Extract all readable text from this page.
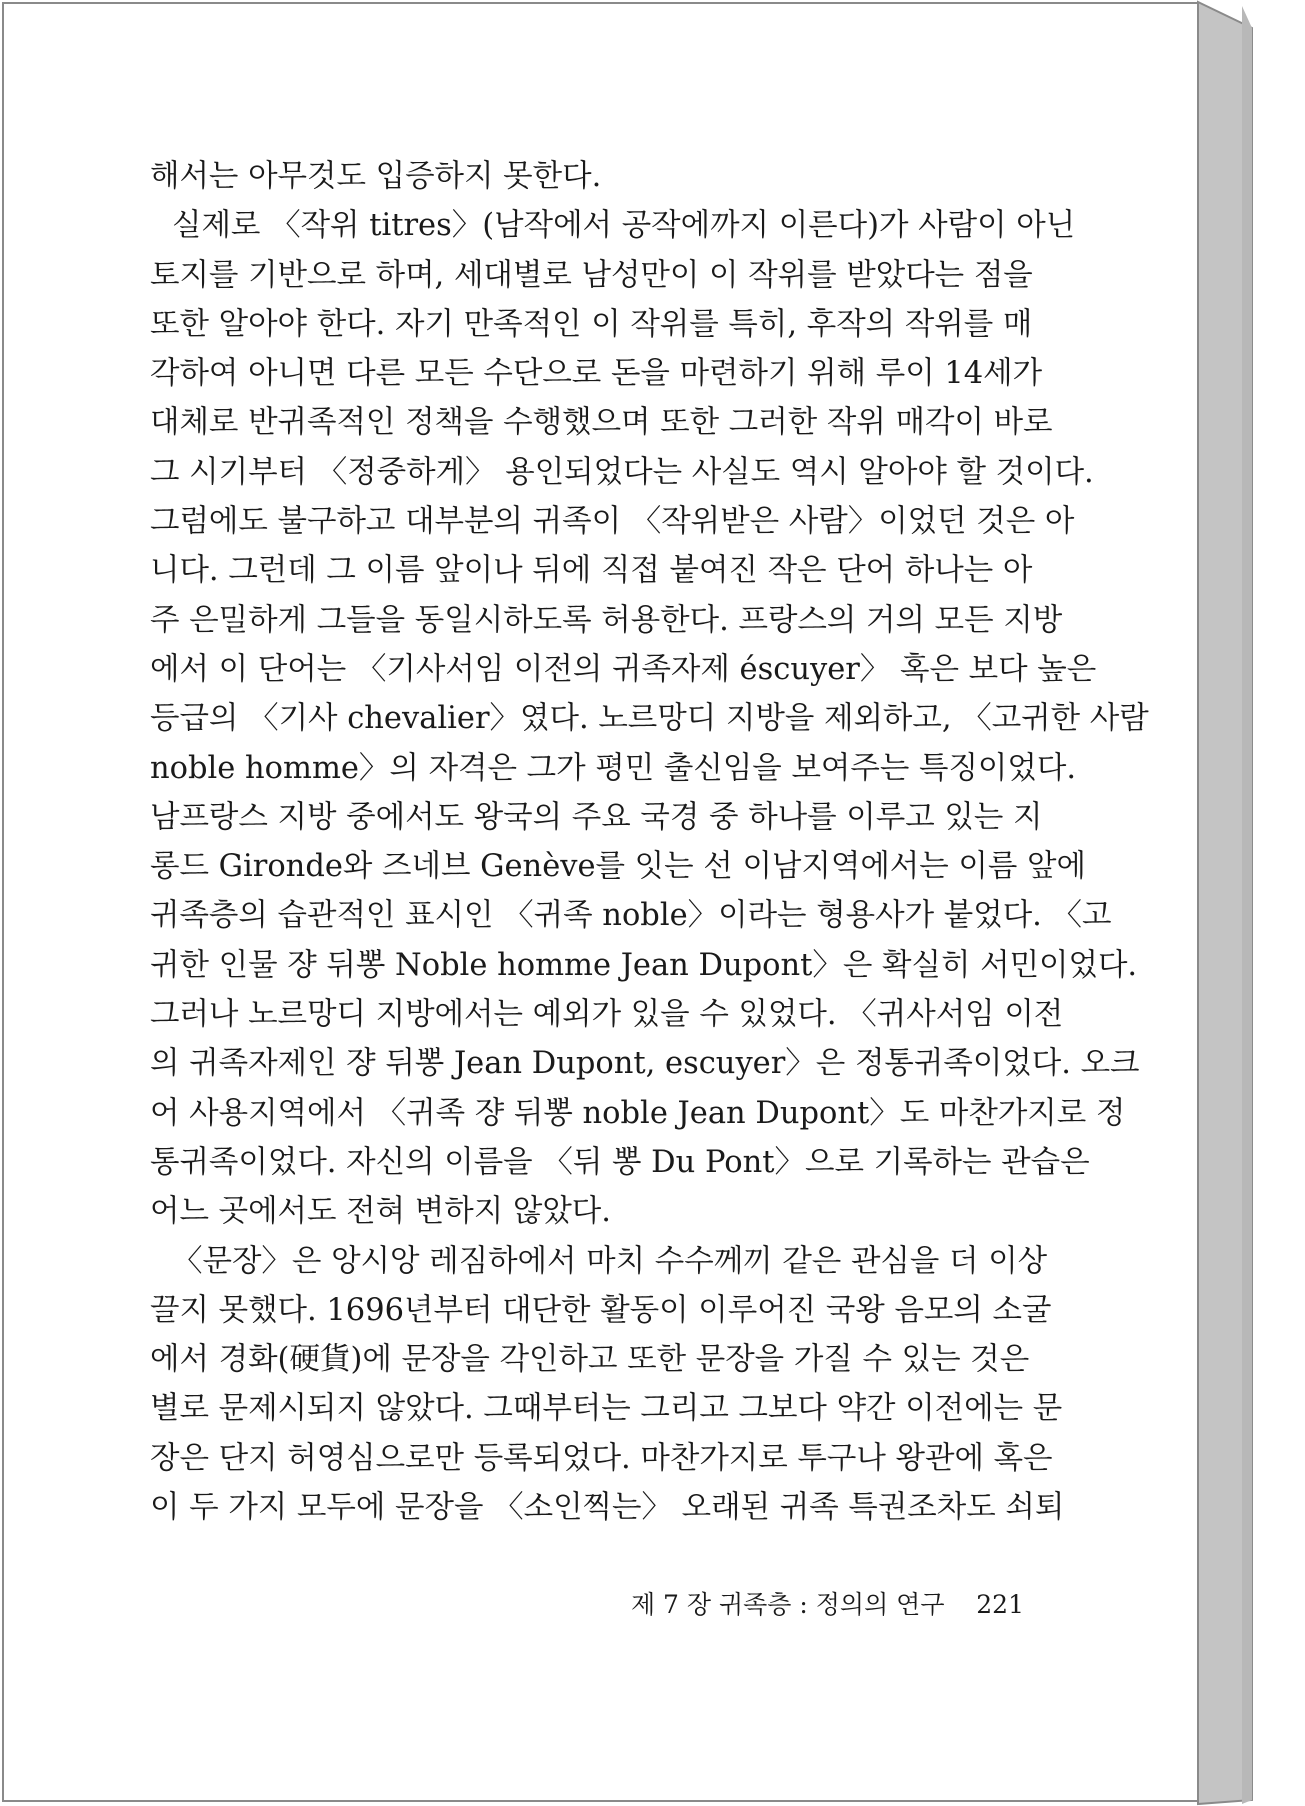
해서는 아무것도 입증하지 못한다.
실제로 〈작위 titres〉(남작에서 공작에까지 이른다)가 사람이 아닌
토지를 기반으로 하며, 세대별로 남성만이 이 작위를 받았다는 점을
또한 알아야 한다. 자기 만족적인 이 작위를 특히, 후작의 작위를 매
각하여 아니면 다른 모든 수단으로 돈을 마련하기 위해 루이 14세가
대체로 반귀족적인 정책을 수행했으며 또한 그러한 작위 매각이 바로
그 시기부터 〈정중하게〉 용인되었다는 사실도 역시 알아야 할 것이다.
그럼에도 불구하고 대부분의 귀족이 〈작위받은 사람〉이었던 것은 아
니다. 그런데 그 이름 앞이나 뒤에 직접 붙여진 작은 단어 하나는 아
주 은밀하게 그들을 동일시하도록 허용한다. 프랑스의 거의 모든 지방
에서 이 단어는 〈기사서임 이전의 귀족자제 éscuyer〉 혹은 보다 높은
등급의 〈기사 chevalier〉였다. 노르망디 지방을 제외하고, 〈고귀한 사람
noble homme〉의 자격은 그가 평민 출신임을 보여주는 특징이었다.
남프랑스 지방 중에서도 왕국의 주요 국경 중 하나를 이루고 있는 지
롱드 Gironde와 즈네브 Genève를 잇는 선 이남지역에서는 이름 앞에
귀족층의 습관적인 표시인 〈귀족 noble〉이라는 형용사가 붙었다. 〈고
귀한 인물 쟝 뒤뽕 Noble homme Jean Dupont〉은 확실히 서민이었다.
그러나 노르망디 지방에서는 예외가 있을 수 있었다. 〈귀사서임 이전
의 귀족자제인 쟝 뒤뽕 Jean Dupont, escuyer〉은 정통귀족이었다. 오크
어 사용지역에서 〈귀족 쟝 뒤뽕 noble Jean Dupont〉도 마찬가지로 정
통귀족이었다. 자신의 이름을 〈뒤 뽕 Du Pont〉으로 기록하는 관습은
어느 곳에서도 전혀 변하지 않았다.
〈문장〉은 앙시앙 레짐하에서 마치 수수께끼 같은 관심을 더 이상
끌지 못했다. 1696년부터 대단한 활동이 이루어진 국왕 음모의 소굴
에서 경화(硬貨)에 문장을 각인하고 또한 문장을 가질 수 있는 것은
별로 문제시되지 않았다. 그때부터는 그리고 그보다 약간 이전에는 문
장은 단지 허영심으로만 등록되었다. 마찬가지로 투구나 왕관에 혹은
이 두 가지 모두에 문장을 〈소인찍는〉 오래된 귀족 특권조차도 쇠퇴
제 7 장 귀족층 : 정의의 연구 221
